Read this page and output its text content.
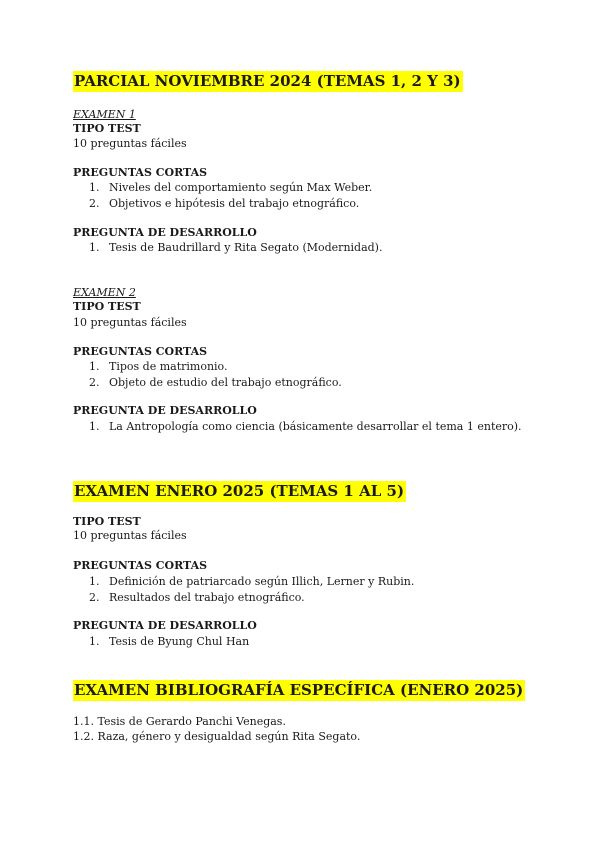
PARCIAL NOVIEMBRE 2024 (TEMAS 1, 2 Y 3)
EXAMEN 1
TIPO TEST
10 preguntas fáciles
PREGUNTAS CORTAS
1. Niveles del comportamiento según Max Weber.
2. Objetivos e hipótesis del trabajo etnográfico.
PREGUNTA DE DESARROLLO
1. Tesis de Baudrillard y Rita Segato (Modernidad).
EXAMEN 2
TIPO TEST
10 preguntas fáciles
PREGUNTAS CORTAS
1. Tipos de matrimonio.
2. Objeto de estudio del trabajo etnográfico.
PREGUNTA DE DESARROLLO
1. La Antropología como ciencia (básicamente desarrollar el tema 1 entero).
EXAMEN ENERO 2025 (TEMAS 1 AL 5)
TIPO TEST
10 preguntas fáciles
PREGUNTAS CORTAS
1. Definición de patriarcado según Illich, Lerner y Rubin.
2. Resultados del trabajo etnográfico.
PREGUNTA DE DESARROLLO
1. Tesis de Byung Chul Han
EXAMEN BIBLIOGRAFÍA ESPECÍFICA (ENERO 2025)
1.1. Tesis de Gerardo Panchi Venegas.
1.2. Raza, género y desigualdad según Rita Segato.
